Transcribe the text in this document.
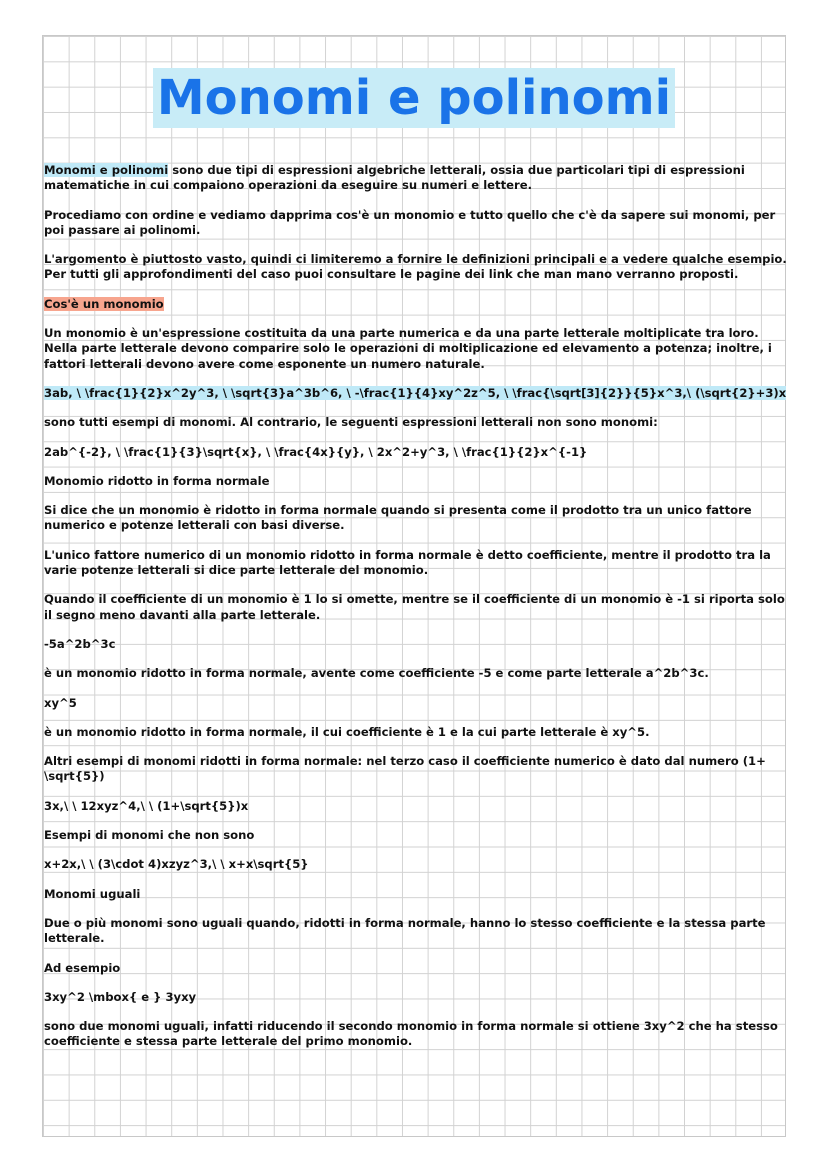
Monomi e polinomi

Monomi e polinomi sono due tipi di espressioni algebriche letterali, ossia due particolari tipi di espressioni matematiche in cui compaiono operazioni da eseguire su numeri e lettere.

Procediamo con ordine e vediamo dapprima cos'è un monomio e tutto quello che c'è da sapere sui monomi, per poi passare ai polinomi.

L'argomento è piuttosto vasto, quindi ci limiteremo a fornire le definizioni principali e a vedere qualche esempio. Per tutti gli approfondimenti del caso puoi consultare le pagine dei link che man mano verranno proposti.

Cos'è un monomio

Un monomio è un'espressione costituita da una parte numerica e da una parte letterale moltiplicate tra loro. Nella parte letterale devono comparire solo le operazioni di moltiplicazione ed elevamento a potenza; inoltre, i fattori letterali devono avere come esponente un numero naturale.

3ab, \ \frac{1}{2}x^2y^3, \ \sqrt{3}a^3b^6, \ -\frac{1}{4}xy^2z^5, \ \frac{\sqrt[3]{2}}{5}x^3,\ (\sqrt{2}+3)x

sono tutti esempi di monomi. Al contrario, le seguenti espressioni letterali non sono monomi:

2ab^{-2}, \ \frac{1}{3}\sqrt{x}, \ \frac{4x}{y}, \ 2x^2+y^3, \ \frac{1}{2}x^{-1}

Monomio ridotto in forma normale

Si dice che un monomio è ridotto in forma normale quando si presenta come il prodotto tra un unico fattore numerico e potenze letterali con basi diverse.

L'unico fattore numerico di un monomio ridotto in forma normale è detto coefficiente, mentre il prodotto tra la varie potenze letterali si dice parte letterale del monomio.

Quando il coefficiente di un monomio è 1 lo si omette, mentre se il coefficiente di un monomio è -1 si riporta solo il segno meno davanti alla parte letterale.

-5a^2b^3c

è un monomio ridotto in forma normale, avente come coefficiente -5 e come parte letterale a^2b^3c.

xy^5

è un monomio ridotto in forma normale, il cui coefficiente è 1 e la cui parte letterale è xy^5.

Altri esempi di monomi ridotti in forma normale: nel terzo caso il coefficiente numerico è dato dal numero (1+ \sqrt{5})

3x,\ \ 12xyz^4,\ \ (1+\sqrt{5})x

Esempi di monomi che non sono

x+2x,\ \ (3\cdot 4)xzyz^3,\ \ x+x\sqrt{5}

Monomi uguali

Due o più monomi sono uguali quando, ridotti in forma normale, hanno lo stesso coefficiente e la stessa parte letterale.

Ad esempio

3xy^2 \mbox{ e } 3yxy

sono due monomi uguali, infatti riducendo il secondo monomio in forma normale si ottiene 3xy^2 che ha stesso coefficiente e stessa parte letterale del primo monomio.
